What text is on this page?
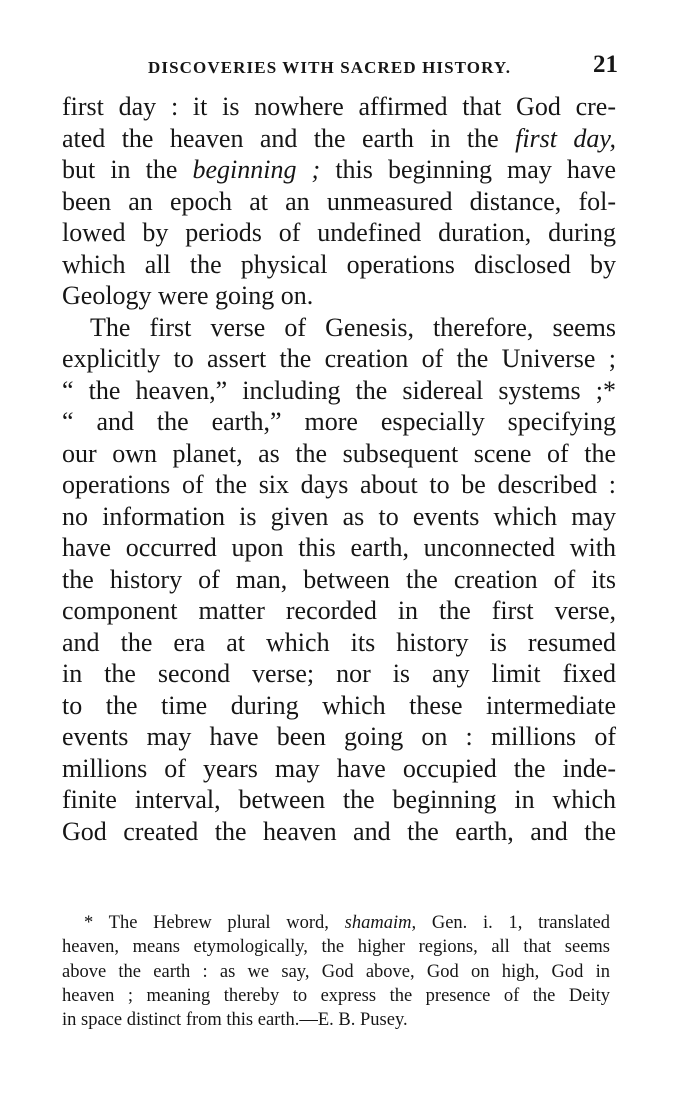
DISCOVERIES WITH SACRED HISTORY.	21
first day : it is nowhere affirmed that God cre-
ated the heaven and the earth in the first day,
but in the beginning ; this beginning may have
been an epoch at an unmeasured distance, fol-
lowed by periods of undefined duration, during
which all the physical operations disclosed by
Geology were going on.
The first verse of Genesis, therefore, seems
explicitly to assert the creation of the Universe ;
“ the heaven,” including the sidereal systems ;*
“ and the earth,” more especially specifying
our own planet, as the subsequent scene of the
operations of the six days about to be described :
no information is given as to events which may
have occurred upon this earth, unconnected with
the history of man, between the creation of its
component matter recorded in the first verse,
and the era at which its history is resumed
in the second verse; nor is any limit fixed
to the time during which these intermediate
events may have been going on : millions of
millions of years may have occupied the inde-
finite interval, between the beginning in which
God created the heaven and the earth, and the
* The Hebrew plural word, shamaim, Gen. i. 1, translated
heaven, means etymologically, the higher regions, all that seems
above the earth : as we say, God above, God on high, God in
heaven ; meaning thereby to express the presence of the Deity
in space distinct from this earth.—E. B. Pusey.
